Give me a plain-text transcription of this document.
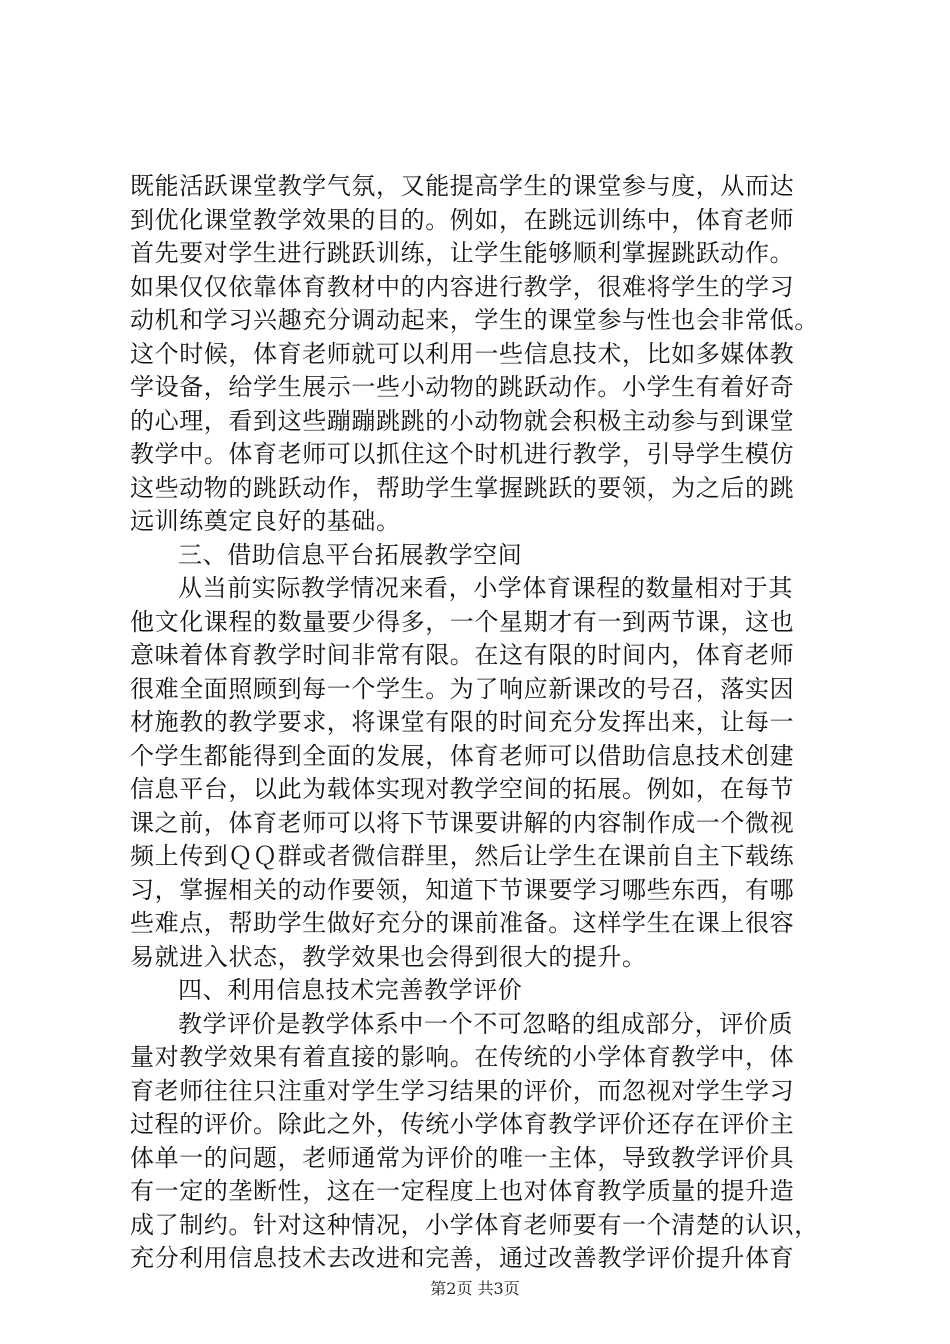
既能活跃课堂教学气氛，又能提高学生的课堂参与度，从而达
到优化课堂教学效果的目的。例如，在跳远训练中，体育老师
首先要对学生进行跳跃训练，让学生能够顺利掌握跳跃动作。
如果仅仅依靠体育教材中的内容进行教学，很难将学生的学习
动机和学习兴趣充分调动起来，学生的课堂参与性也会非常低。
这个时候，体育老师就可以利用一些信息技术，比如多媒体教
学设备，给学生展示一些小动物的跳跃动作。小学生有着好奇
的心理，看到这些蹦蹦跳跳的小动物就会积极主动参与到课堂
教学中。体育老师可以抓住这个时机进行教学，引导学生模仿
这些动物的跳跃动作，帮助学生掌握跳跃的要领，为之后的跳
远训练奠定良好的基础。
三、借助信息平台拓展教学空间
从当前实际教学情况来看，小学体育课程的数量相对于其
他文化课程的数量要少得多，一个星期才有一到两节课，这也
意味着体育教学时间非常有限。在这有限的时间内，体育老师
很难全面照顾到每一个学生。为了响应新课改的号召，落实因
材施教的教学要求，将课堂有限的时间充分发挥出来，让每一
个学生都能得到全面的发展，体育老师可以借助信息技术创建
信息平台，以此为载体实现对教学空间的拓展。例如，在每节
课之前，体育老师可以将下节课要讲解的内容制作成一个微视
频上传到ＱＱ群或者微信群里，然后让学生在课前自主下载练
习，掌握相关的动作要领，知道下节课要学习哪些东西，有哪
些难点，帮助学生做好充分的课前准备。这样学生在课上很容
易就进入状态，教学效果也会得到很大的提升。
四、利用信息技术完善教学评价
教学评价是教学体系中一个不可忽略的组成部分，评价质
量对教学效果有着直接的影响。在传统的小学体育教学中，体
育老师往往只注重对学生学习结果的评价，而忽视对学生学习
过程的评价。除此之外，传统小学体育教学评价还存在评价主
体单一的问题，老师通常为评价的唯一主体，导致教学评价具
有一定的垄断性，这在一定程度上也对体育教学质量的提升造
成了制约。针对这种情况，小学体育老师要有一个清楚的认识，
充分利用信息技术去改进和完善，通过改善教学评价提升体育
第2页 共3页
